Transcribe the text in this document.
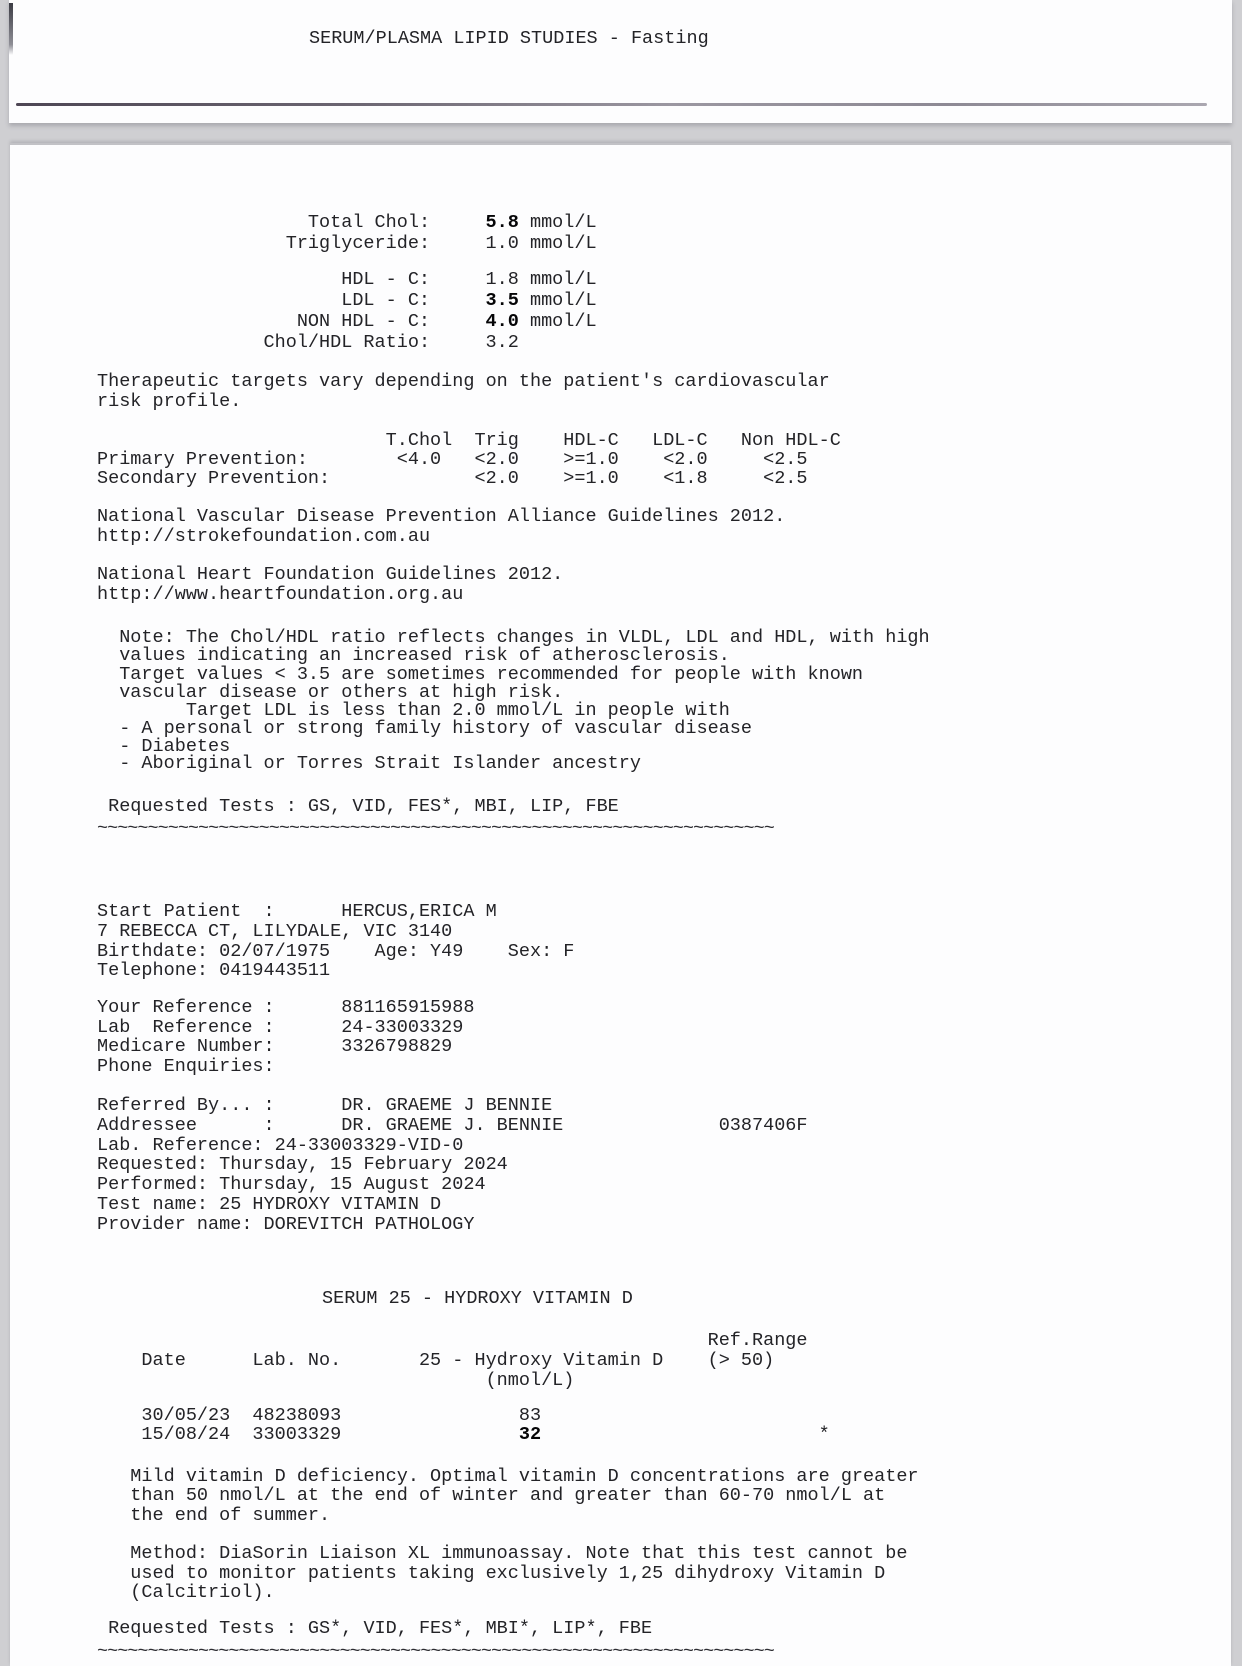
SERUM/PLASMA LIPID STUDIES - Fasting
Total Chol:	5.8 mmol/L
Triglyceride:	1.0 mmol/L
HDL - C:	1.8 mmol/L
LDL - C:	3.5 mmol/L
NON HDL - C:	4.0 mmol/L
Chol/HDL Ratio:	3.2
Therapeutic targets vary depending on the patient's cardiovascular
risk profile.
T.Chol  Trig    HDL-C   LDL-C   Non HDL-C
Primary Prevention:        <4.0   <2.0    >=1.0    <2.0     <2.5
Secondary Prevention:             <2.0    >=1.0    <1.8     <2.5
National Vascular Disease Prevention Alliance Guidelines 2012.
http://strokefoundation.com.au
National Heart Foundation Guidelines 2012.
http://www.heartfoundation.org.au
Note: The Chol/HDL ratio reflects changes in VLDL, LDL and HDL, with high
values indicating an increased risk of atherosclerosis.
Target values < 3.5 are sometimes recommended for people with known
vascular disease or others at high risk.
Target LDL is less than 2.0 mmol/L in people with
- A personal or strong family history of vascular disease
- Diabetes
- Aboriginal or Torres Strait Islander ancestry
Requested Tests : GS, VID, FES*, MBI, LIP, FBE
~~~~~~~~~~~~~~~~~~~~~~~~~~~~~~~~~~~~~~~~~~~~~~~~~~~~~~~~~~~~~~~~~~~
Start Patient  :      HERCUS,ERICA M
7 REBECCA CT, LILYDALE, VIC 3140
Birthdate: 02/07/1975    Age: Y49    Sex: F
Telephone: 0419443511
Your Reference :      881165915988
Lab  Reference :      24-33003329
Medicare Number:      3326798829
Phone Enquiries:
Referred By... :      DR. GRAEME J BENNIE
Addressee      :      DR. GRAEME J. BENNIE              0387406F
Lab. Reference: 24-33003329-VID-0
Requested: Thursday, 15 February 2024
Performed: Thursday, 15 August 2024
Test name: 25 HYDROXY VITAMIN D
Provider name: DOREVITCH PATHOLOGY
SERUM 25 - HYDROXY VITAMIN D
Ref.Range
Date      Lab. No.       25 - Hydroxy Vitamin D    (> 50)
(nmol/L)
30/05/23  48238093	83
15/08/24  33003329	32	*
Mild vitamin D deficiency. Optimal vitamin D concentrations are greater
than 50 nmol/L at the end of winter and greater than 60-70 nmol/L at
the end of summer.
Method: DiaSorin Liaison XL immunoassay. Note that this test cannot be
used to monitor patients taking exclusively 1,25 dihydroxy Vitamin D
(Calcitriol).
Requested Tests : GS*, VID, FES*, MBI*, LIP*, FBE
~~~~~~~~~~~~~~~~~~~~~~~~~~~~~~~~~~~~~~~~~~~~~~~~~~~~~~~~~~~~~~~~~~~
